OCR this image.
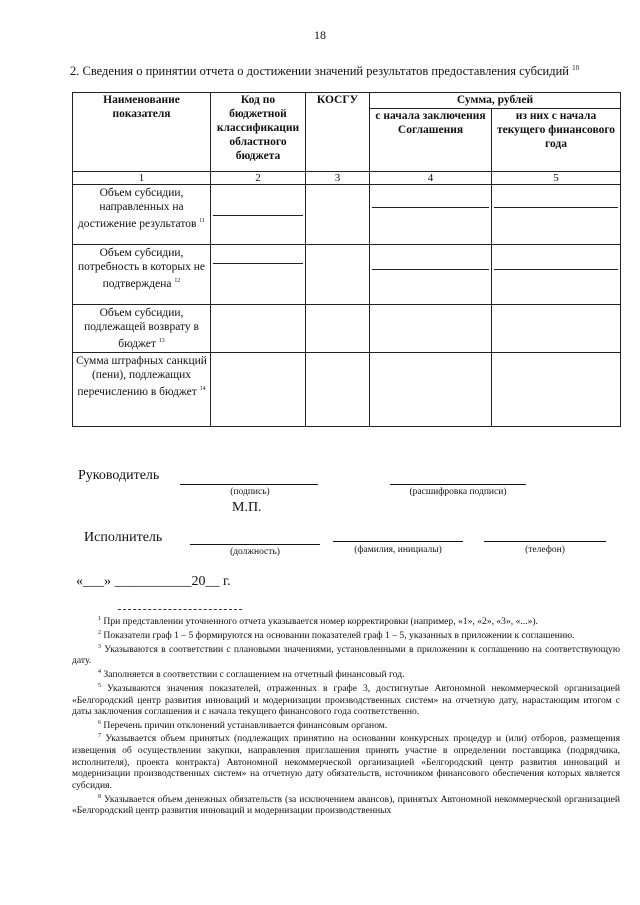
18
2. Сведения о принятии отчета о достижении значений результатов предоставления субсидий $^{10}$
Наименование показателя	Код по бюджетной классификации областного бюджета	КОСГУ	Сумма, рублей	
			с начала заключения Соглашения	из них с начала текущего финансового года
1	2	3	4	5
Объем субсидии, направленных на достижение результатов $^{11}$	

Объем субсидии, потребность в которых не подтверждена $^{12}$	

Объем субсидии, подлежащей возврату в бюджет $^{13}$				
Сумма штрафных санкций (пени), подлежащих перечислению в бюджет $^{14}$				
Руководитель
(подпись)	(расшифровка подписи)
М.П.
Исполнитель
(должность)	(фамилия, инициалы)	(телефон)
«___» ___________20__ г.

$^1$ При представлении уточненного отчета указывается номер корректировки (например, «1», «2», «3», «...»).

$^2$ Показатели граф 1 – 5 формируются на основании показателей граф 1 – 5, указанных в приложении к соглашению.

$^3$ Указываются в соответствии с плановыми значениями, установленными в приложении к соглашению на соответствующую дату.

$^4$ Заполняется в соответствии с соглашением на отчетный финансовый год.

$^5$ Указываются значения показателей, отраженных в графе 3, достигнутые Автономной некоммерческой организацией «Белгородский центр развития инноваций и модернизации производственных систем» на отчетную дату, нарастающим итогом с даты заключения соглашения и с начала текущего финансового года соответственно.

$^6$ Перечень причин отклонений устанавливается финансовым органом.

$^7$ Указывается объем принятых (подлежащих принятию на основании конкурсных процедур и (или) отборов, размещения извещения об осуществлении закупки, направления приглашения принять участие в определении поставщика (подрядчика, исполнителя), проекта контракта) Автономной некоммерческой организацией «Белгородский центр развития инноваций и модернизации производственных систем» на отчетную дату обязательств, источником финансового обеспечения которых является субсидия.

$^8$ Указывается объем денежных обязательств (за исключением авансов), принятых Автономной некоммерческой организацией «Белгородский центр развития инноваций и модернизации производственных
